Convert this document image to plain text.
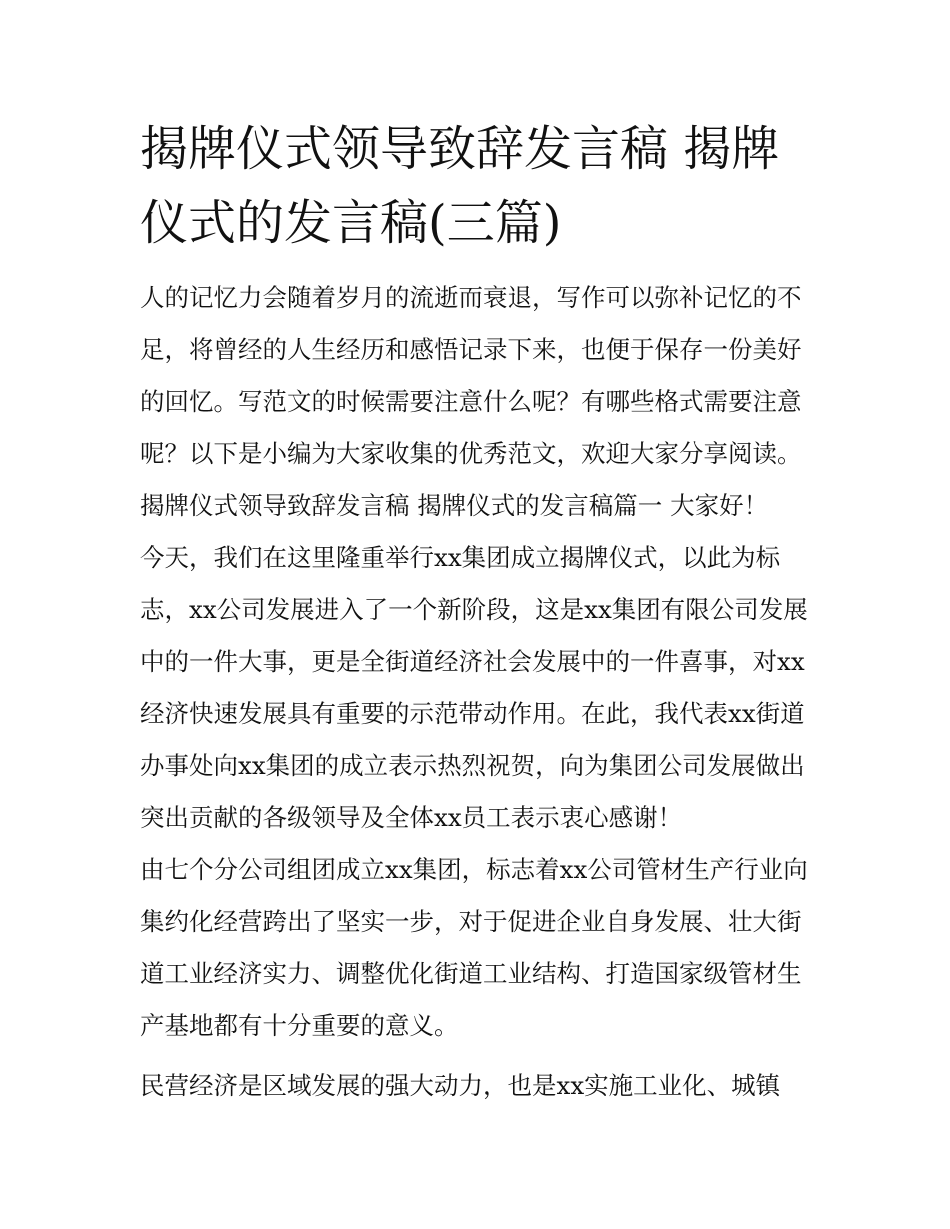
揭牌仪式领导致辞发言稿 揭牌仪式的发言稿(三篇)

人的记忆力会随着岁月的流逝而衰退，写作可以弥补记忆的不足，将曾经的人生经历和感悟记录下来，也便于保存一份美好的回忆。写范文的时候需要注意什么呢？有哪些格式需要注意呢？以下是小编为大家收集的优秀范文，欢迎大家分享阅读。

揭牌仪式领导致辞发言稿 揭牌仪式的发言稿篇一 大家好！

今天，我们在这里隆重举行xx集团成立揭牌仪式，以此为标志，xx公司发展进入了一个新阶段，这是xx集团有限公司发展中的一件大事，更是全街道经济社会发展中的一件喜事，对xx经济快速发展具有重要的示范带动作用。在此，我代表xx街道办事处向xx集团的成立表示热烈祝贺，向为集团公司发展做出突出贡献的各级领导及全体xx员工表示衷心感谢！

由七个分公司组团成立xx集团，标志着xx公司管材生产行业向集约化经营跨出了坚实一步，对于促进企业自身发展、壮大街道工业经济实力、调整优化街道工业结构、打造国家级管材生产基地都有十分重要的意义。

民营经济是区域发展的强大动力，也是xx实施工业化、城镇
